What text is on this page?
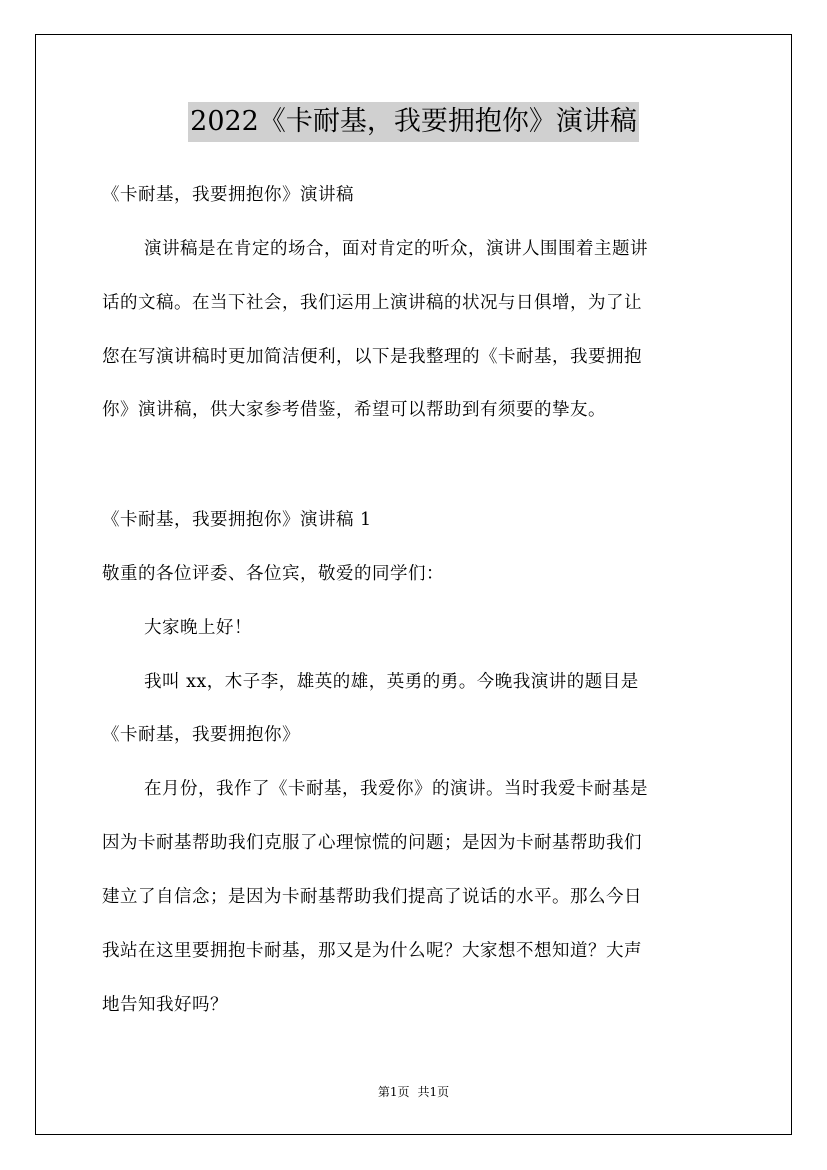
2022《卡耐基，我要拥抱你》演讲稿
《卡耐基，我要拥抱你》演讲稿
演讲稿是在肯定的场合，面对肯定的听众，演讲人围围着主题讲
话的文稿。在当下社会，我们运用上演讲稿的状况与日俱增，为了让
您在写演讲稿时更加简洁便利，以下是我整理的《卡耐基，我要拥抱
你》演讲稿，供大家参考借鉴，希望可以帮助到有须要的挚友。
《卡耐基，我要拥抱你》演讲稿 1
敬重的各位评委、各位宾，敬爱的同学们：
大家晚上好！
我叫 xx，木子李，雄英的雄，英勇的勇。今晚我演讲的题目是
《卡耐基，我要拥抱你》
在月份，我作了《卡耐基，我爱你》的演讲。当时我爱卡耐基是
因为卡耐基帮助我们克服了心理惊慌的问题；是因为卡耐基帮助我们
建立了自信念；是因为卡耐基帮助我们提高了说话的水平。那么今日
我站在这里要拥抱卡耐基，那又是为什么呢？大家想不想知道？大声
地告知我好吗？
第1页 共1页
